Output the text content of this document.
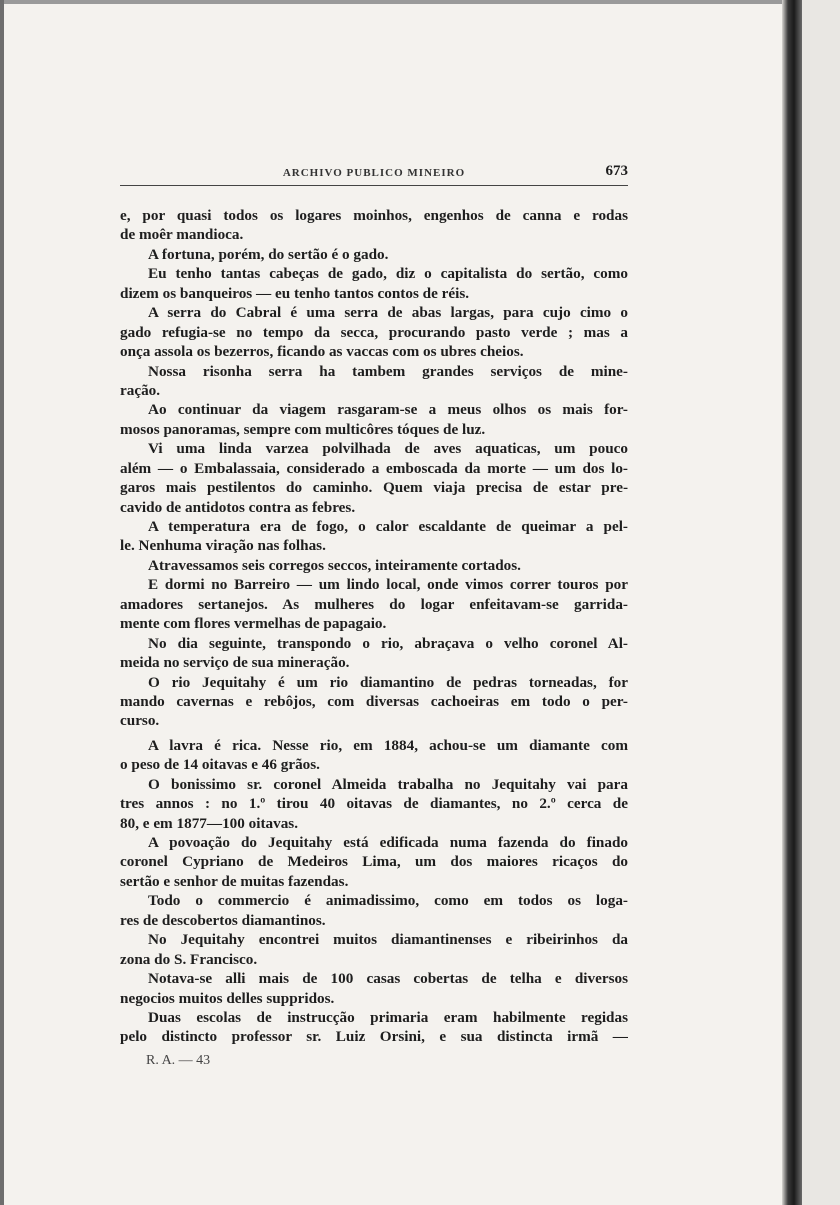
ARCHIVO PUBLICO MINEIRO	673
e, por quasi todos os logares moinhos, engenhos de canna e rodas
de moêr mandioca.
A fortuna, porém, do sertão é o gado.
Eu tenho tantas cabeças de gado, diz o capitalista do sertão, como
dizem os banqueiros — eu tenho tantos contos de réis.
A serra do Cabral é uma serra de abas largas, para cujo cimo o
gado refugia-se no tempo da secca, procurando pasto verde ; mas a
onça assola os bezerros, ficando as vaccas com os ubres cheios.
Nossa risonha serra ha tambem grandes serviços de mine-
ração.
Ao continuar da viagem rasgaram-se a meus olhos os mais for-
mosos panoramas, sempre com multicôres tóques de luz.
Vi uma linda varzea polvilhada de aves aquaticas, um pouco
além — o Embalassaia, considerado a emboscada da morte — um dos lo-
garos mais pestilentos do caminho. Quem viaja precisa de estar pre-
cavido de antidotos contra as febres.
A temperatura era de fogo, o calor escaldante de queimar a pel-
le. Nenhuma viração nas folhas.
Atravessamos seis corregos seccos, inteiramente cortados.
E dormi no Barreiro — um lindo local, onde vimos correr touros por
amadores sertanejos. As mulheres do logar enfeitavam-se garrida-
mente com flores vermelhas de papagaio.
No dia seguinte, transpondo o rio, abraçava o velho coronel Al-
meida no serviço de sua mineração.
O rio Jequitahy é um rio diamantino de pedras torneadas, for
mando cavernas e rebôjos, com diversas cachoeiras em todo o per-
curso.
A lavra é rica. Nesse rio, em 1884, achou-se um diamante com
o peso de 14 oitavas e 46 grãos.
O bonissimo sr. coronel Almeida trabalha no Jequitahy vai para
tres annos : no 1.º tirou 40 oitavas de diamantes, no 2.º cerca de
80, e em 1877—100 oitavas.
A povoação do Jequitahy está edificada numa fazenda do finado
coronel Cypriano de Medeiros Lima, um dos maiores ricaços do
sertão e senhor de muitas fazendas.
Todo o commercio é animadissimo, como em todos os loga-
res de descobertos diamantinos.
No Jequitahy encontrei muitos diamantinenses e ribeirinhos da
zona do S. Francisco.
Notava-se alli mais de 100 casas cobertas de telha e diversos
negocios muitos delles suppridos.
Duas escolas de instrucção primaria eram habilmente regidas
pelo distincto professor sr. Luiz Orsini, e sua distincta irmã —
R. A. — 43
